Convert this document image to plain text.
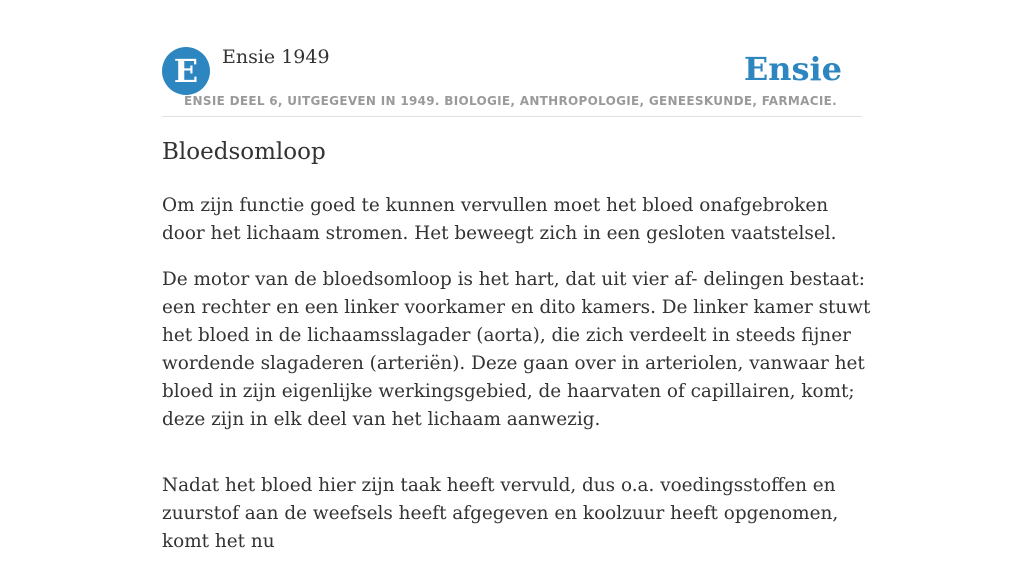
E	Ensie 1949	Ensie
ENSIE DEEL 6, UITGEGEVEN IN 1949. BIOLOGIE, ANTHROPOLOGIE, GENEESKUNDE, FARMACIE.
Bloedsomloop

Om zijn functie goed te kunnen vervullen moet het bloed onafgebroken door het lichaam stromen. Het beweegt zich in een gesloten vaatstelsel.

De motor van de bloedsomloop is het hart, dat uit vier af- delingen bestaat: een rechter en een linker voorkamer en dito kamers. De linker kamer stuwt het bloed in de lichaamsslagader (aorta), die zich verdeelt in steeds fijner wordende slagaderen (arteriën). Deze gaan over in arteriolen, vanwaar het bloed in zijn eigenlijke werkingsgebied, de haarvaten of capillairen, komt; deze zijn in elk deel van het lichaam aanwezig.

Nadat het bloed hier zijn taak heeft vervuld, dus o.a. voedingsstoffen en zuurstof aan de weefsels heeft afgegeven en koolzuur heeft opgenomen, komt het nu
